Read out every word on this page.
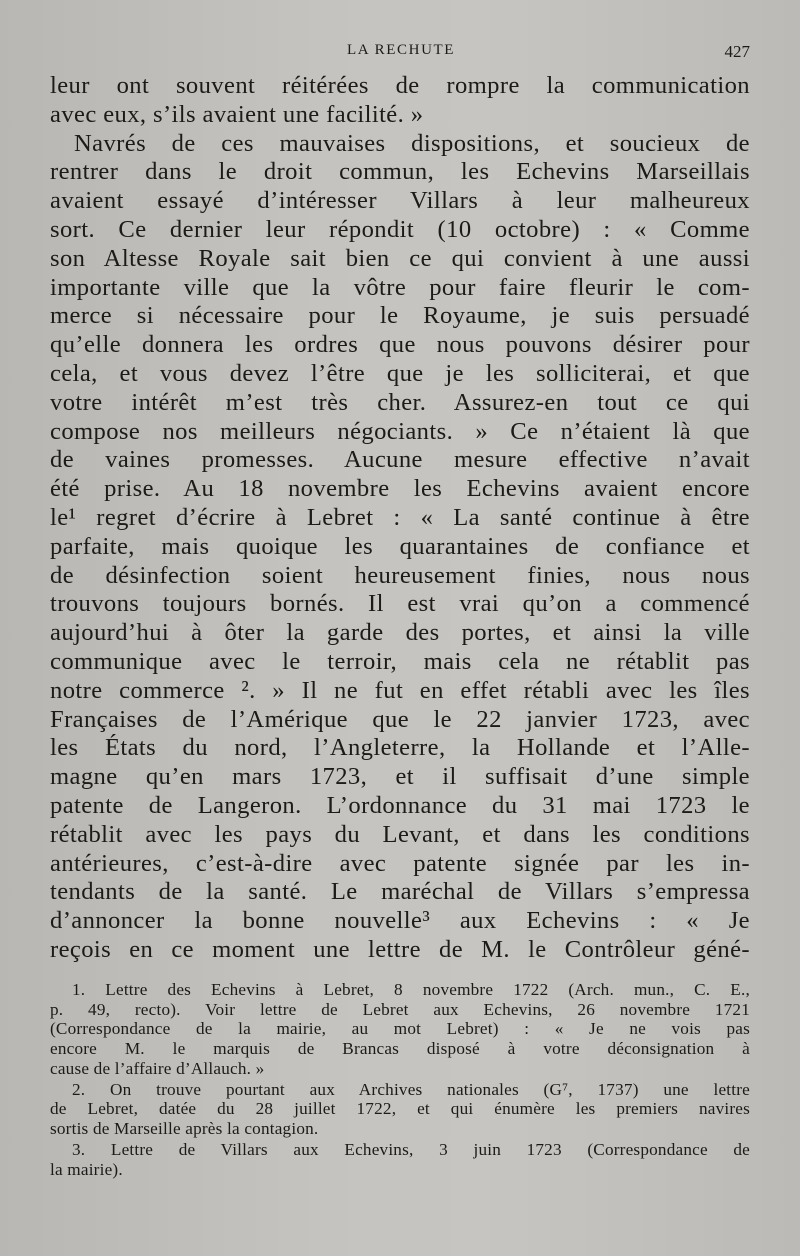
LA RECHUTE	427
leur ont souvent réitérées de rompre la communication
avec eux, s’ils avaient une facilité. »
Navrés de ces mauvaises dispositions, et soucieux de
rentrer dans le droit commun, les Echevins Marseillais
avaient essayé d’intéresser Villars à leur malheureux
sort. Ce dernier leur répondit (10 octobre) : « Comme
son Altesse Royale sait bien ce qui convient à une aussi
importante ville que la vôtre pour faire fleurir le com-
merce si nécessaire pour le Royaume, je suis persuadé
qu’elle donnera les ordres que nous pouvons désirer pour
cela, et vous devez l’être que je les solliciterai, et que
votre intérêt m’est très cher. Assurez-en tout ce qui
compose nos meilleurs négociants. » Ce n’étaient là que
de vaines promesses. Aucune mesure effective n’avait
été prise. Au 18 novembre les Echevins avaient encore
le¹ regret d’écrire à Lebret : « La santé continue à être
parfaite, mais quoique les quarantaines de confiance et
de désinfection soient heureusement finies, nous nous
trouvons toujours bornés. Il est vrai qu’on a commencé
aujourd’hui à ôter la garde des portes, et ainsi la ville
communique avec le terroir, mais cela ne rétablit pas
notre commerce ². » Il ne fut en effet rétabli avec les îles
Françaises de l’Amérique que le 22 janvier 1723, avec
les États du nord, l’Angleterre, la Hollande et l’Alle-
magne qu’en mars 1723, et il suffisait d’une simple
patente de Langeron. L’ordonnance du 31 mai 1723 le
rétablit avec les pays du Levant, et dans les conditions
antérieures, c’est-à-dire avec patente signée par les in-
tendants de la santé. Le maréchal de Villars s’empressa
d’annoncer la bonne nouvelle³ aux Echevins : « Je
reçois en ce moment une lettre de M. le Contrôleur géné-
1. Lettre des Echevins à Lebret, 8 novembre 1722 (Arch. mun., C. E.,
p. 49, recto). Voir lettre de Lebret aux Echevins, 26 novembre 1721
(Correspondance de la mairie, au mot Lebret) : « Je ne vois pas
encore M. le marquis de Brancas disposé à votre déconsignation à
cause de l’affaire d’Allauch. »
2. On trouve pourtant aux Archives nationales (G⁷, 1737) une lettre
de Lebret, datée du 28 juillet 1722, et qui énumère les premiers navires
sortis de Marseille après la contagion.
3. Lettre de Villars aux Echevins, 3 juin 1723 (Correspondance de
la mairie).
